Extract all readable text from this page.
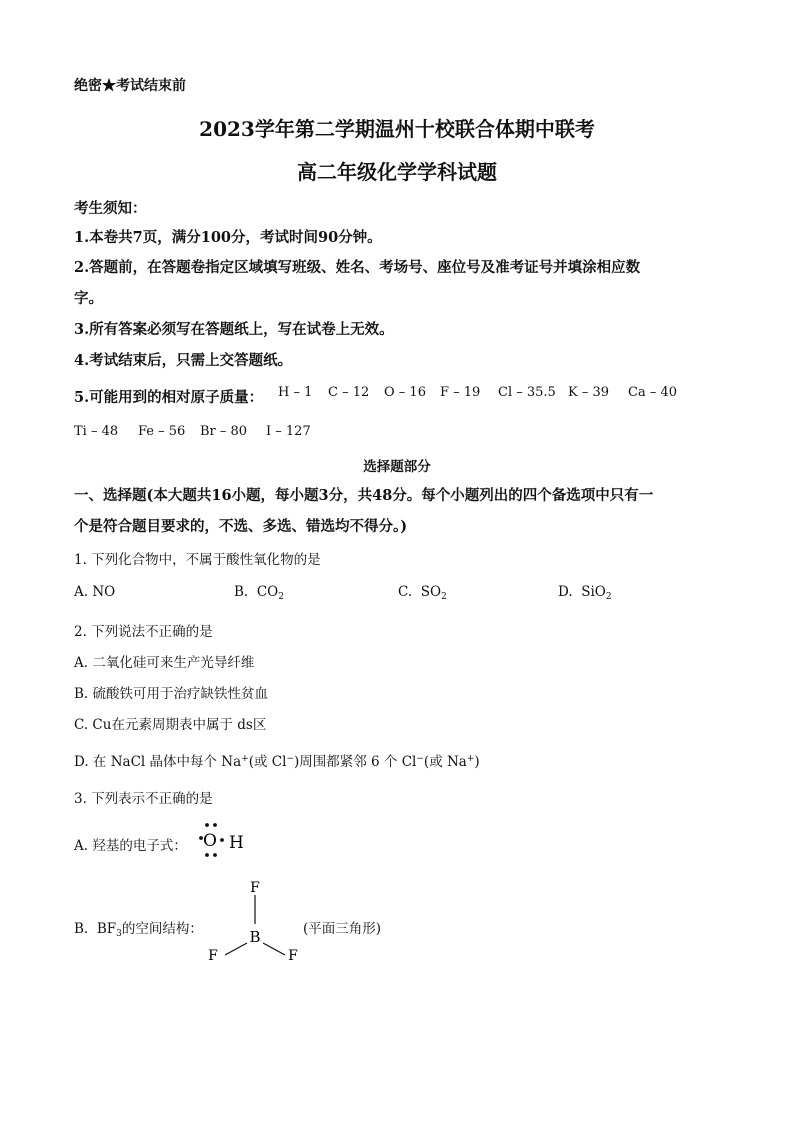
绝密★考试结束前
2023学年第二学期温州十校联合体期中联考
高二年级化学学科试题
考生须知：
1.本卷共7页，满分100分，考试时间90分钟。
2.答题前，在答题卷指定区域填写班级、姓名、考场号、座位号及准考证号并填涂相应数
字。
3.所有答案必须写在答题纸上，写在试卷上无效。
4.考试结束后，只需上交答题纸。
5.可能用到的相对原子质量： H – 1 C – 12 O – 16 F – 19 Cl – 35.5 K – 39 Ca – 40
Ti – 48 Fe – 56 Br – 80 I – 127
选择题部分
一、选择题(本大题共16小题，每小题3分，共48分。每个小题列出的四个备选项中只有一
个是符合题目要求的，不选、多选、错选均不得分。)
1. 下列化合物中，不属于酸性氧化物的是
A. NO	B. $CO_2$	C. $SO_2$	D. SiO$_2$
2. 下列说法不正确的是
A. 二氧化硅可来生产光导纤维
B. 硫酸铁可用于治疗缺铁性贫血
C. Cu在元素周期表中属于 ds区
D. 在 NaCl 晶体中每个 Na+(或 Cl−)周围都紧邻 6 个 Cl−(或 Na+)
3. 下列表示不正确的是
A. 羟基的电子式： O H
B. $BF_3$的空间结构：
F
B
F	F
(平面三角形)
